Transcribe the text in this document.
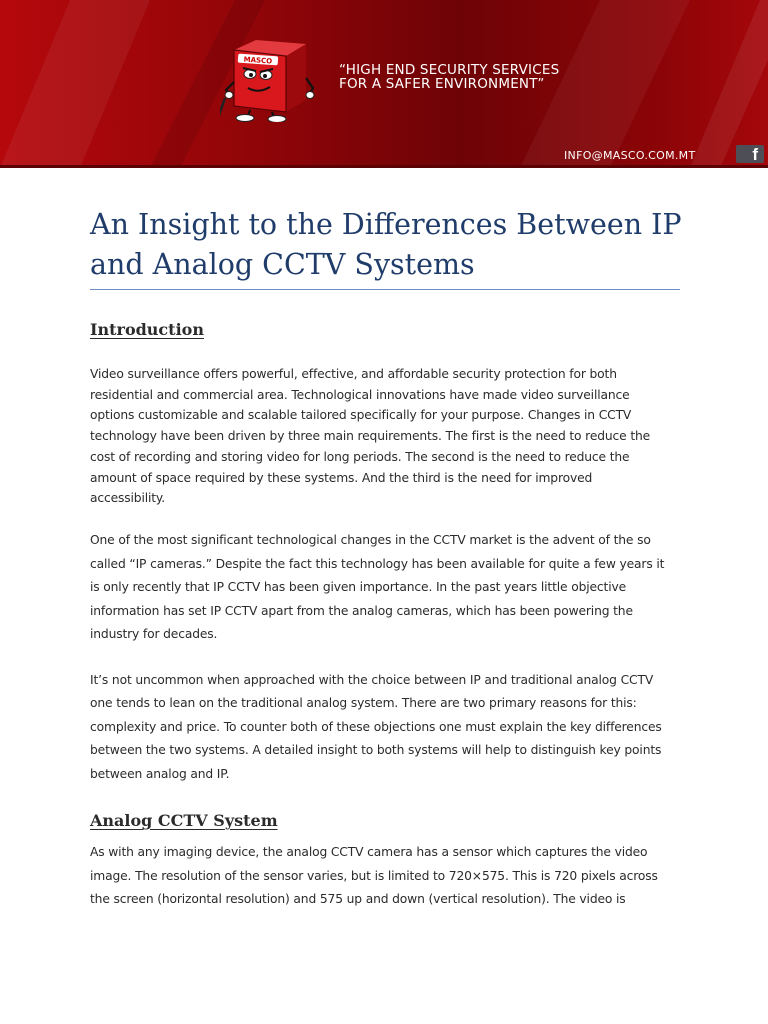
MASCO
“HIGH END SECURITY SERVICES
FOR A SAFER ENVIRONMENT”
INFO@MASCO.COM.MT	f
An Insight to the Differences Between IP
and Analog CCTV Systems
Introduction

Video surveillance offers powerful, effective, and affordable security protection for both
residential and commercial area. Technological innovations have made video surveillance
options customizable and scalable tailored specifically for your purpose. Changes in CCTV
technology have been driven by three main requirements. The first is the need to reduce the
cost of recording and storing video for long periods. The second is the need to reduce the
amount of space required by these systems. And the third is the need for improved
accessibility.

One of the most significant technological changes in the CCTV market is the advent of the so
called “IP cameras.” Despite the fact this technology has been available for quite a few years it
is only recently that IP CCTV has been given importance. In the past years little objective
information has set IP CCTV apart from the analog cameras, which has been powering the
industry for decades.

It’s not uncommon when approached with the choice between IP and traditional analog CCTV
one tends to lean on the traditional analog system. There are two primary reasons for this:
complexity and price. To counter both of these objections one must explain the key differences
between the two systems. A detailed insight to both systems will help to distinguish key points
between analog and IP.

Analog CCTV System

As with any imaging device, the analog CCTV camera has a sensor which captures the video
image. The resolution of the sensor varies, but is limited to 720×575. This is 720 pixels across
the screen (horizontal resolution) and 575 up and down (vertical resolution). The video is
